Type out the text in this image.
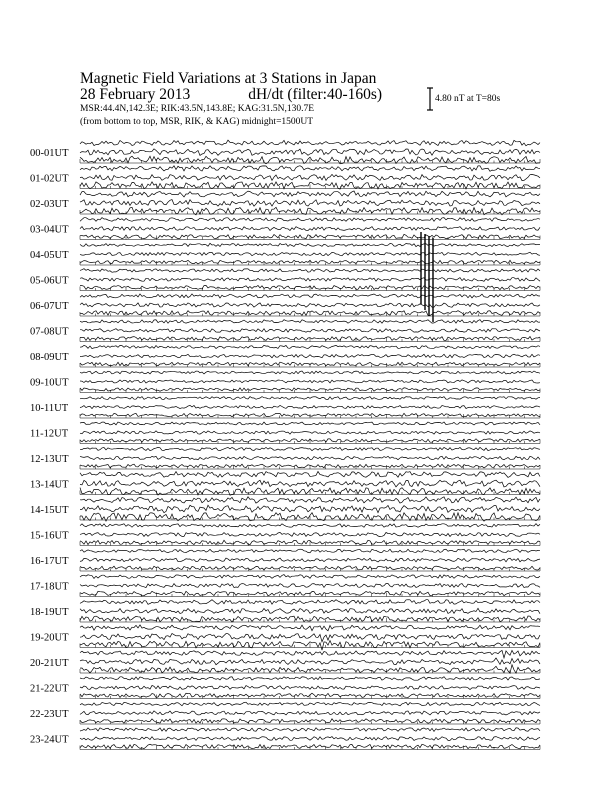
Magnetic Field Variations at 3 Stations in Japan
28 February 2013	dH/dt (filter:40-160s)
MSR:44.4N,142.3E; RIK:43.5N,143.8E; KAG:31.5N,130.7E
(from bottom to top, MSR, RIK, & KAG) midnight=1500UT
4.80 nT at T=80s
00-01UT
01-02UT
02-03UT
03-04UT
04-05UT
05-06UT
06-07UT
07-08UT
08-09UT
09-10UT
10-11UT
11-12UT
12-13UT
13-14UT
14-15UT
15-16UT
16-17UT
17-18UT
18-19UT
19-20UT
20-21UT
21-22UT
22-23UT
23-24UT
